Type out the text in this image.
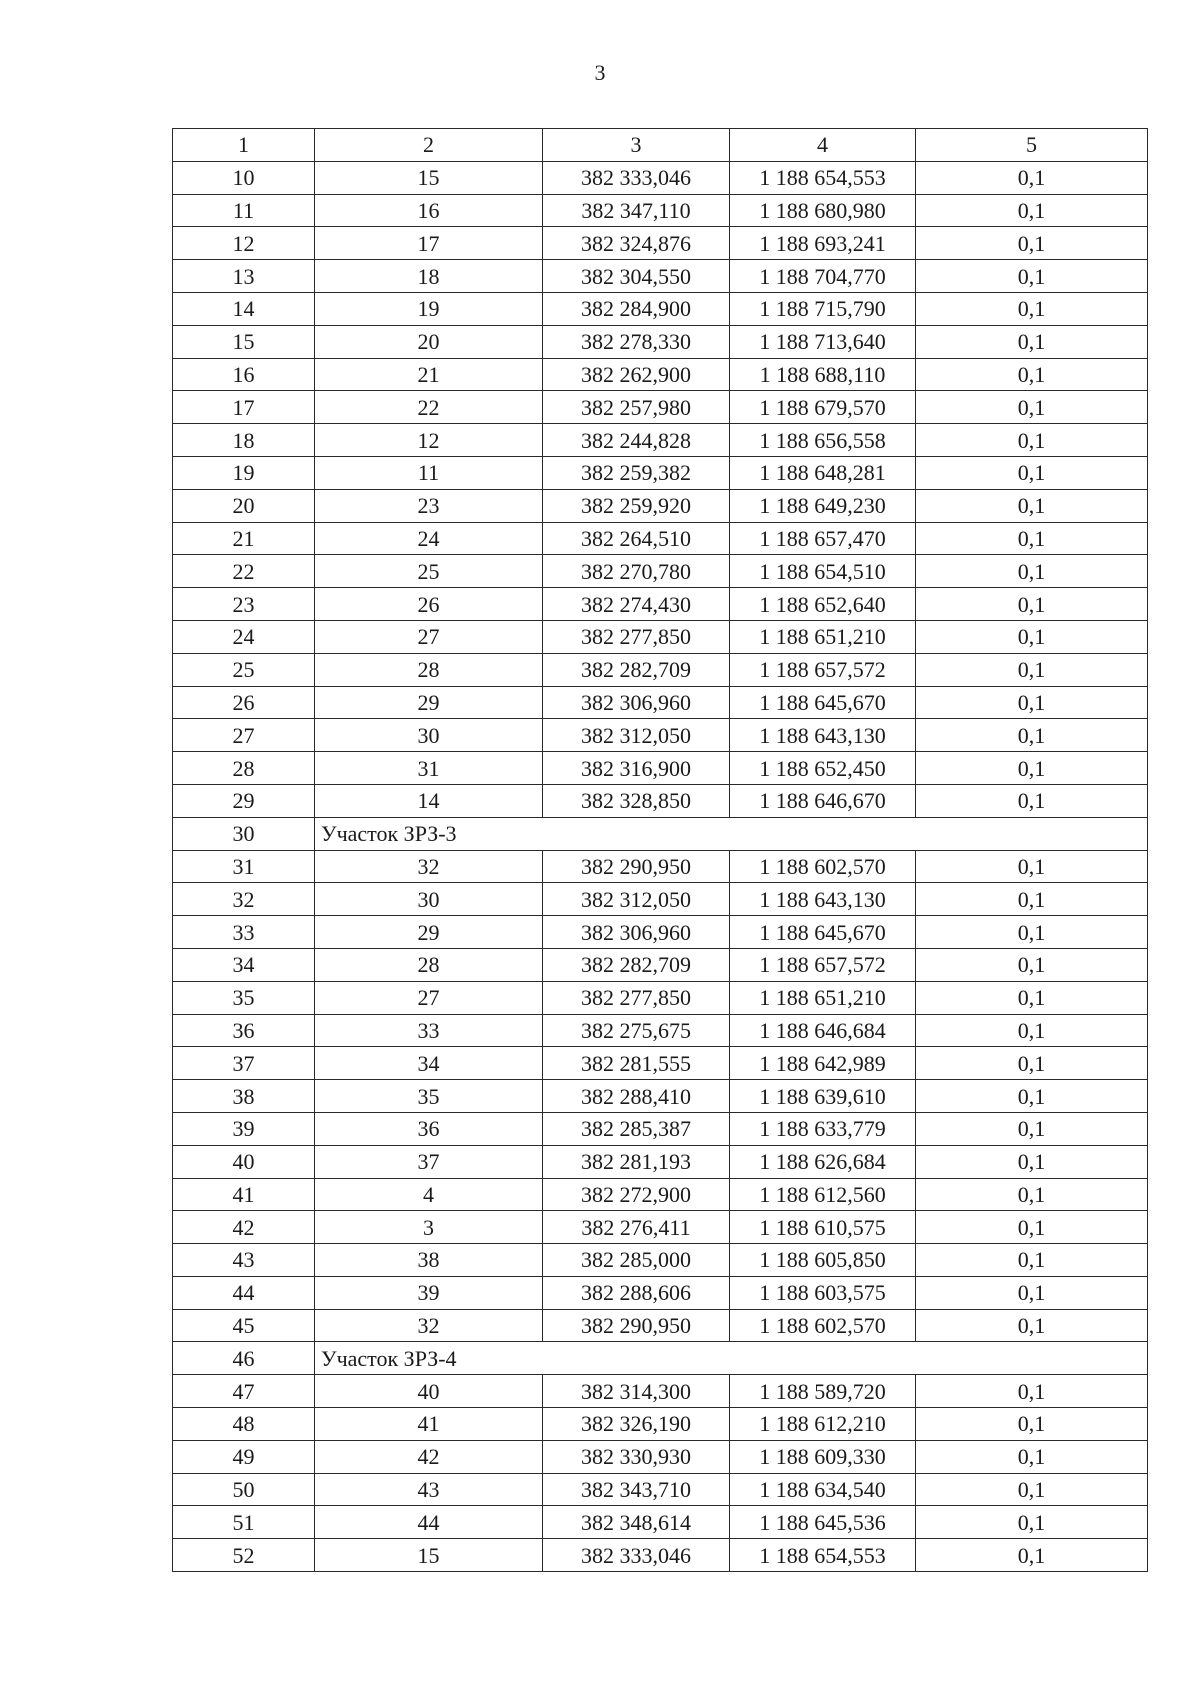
3
1	2	3	4	5
10	15	382 333,046	1 188 654,553	0,1
11	16	382 347,110	1 188 680,980	0,1
12	17	382 324,876	1 188 693,241	0,1
13	18	382 304,550	1 188 704,770	0,1
14	19	382 284,900	1 188 715,790	0,1
15	20	382 278,330	1 188 713,640	0,1
16	21	382 262,900	1 188 688,110	0,1
17	22	382 257,980	1 188 679,570	0,1
18	12	382 244,828	1 188 656,558	0,1
19	11	382 259,382	1 188 648,281	0,1
20	23	382 259,920	1 188 649,230	0,1
21	24	382 264,510	1 188 657,470	0,1
22	25	382 270,780	1 188 654,510	0,1
23	26	382 274,430	1 188 652,640	0,1
24	27	382 277,850	1 188 651,210	0,1
25	28	382 282,709	1 188 657,572	0,1
26	29	382 306,960	1 188 645,670	0,1
27	30	382 312,050	1 188 643,130	0,1
28	31	382 316,900	1 188 652,450	0,1
29	14	382 328,850	1 188 646,670	0,1
30	Участок ЗРЗ-3			
31	32	382 290,950	1 188 602,570	0,1
32	30	382 312,050	1 188 643,130	0,1
33	29	382 306,960	1 188 645,670	0,1
34	28	382 282,709	1 188 657,572	0,1
35	27	382 277,850	1 188 651,210	0,1
36	33	382 275,675	1 188 646,684	0,1
37	34	382 281,555	1 188 642,989	0,1
38	35	382 288,410	1 188 639,610	0,1
39	36	382 285,387	1 188 633,779	0,1
40	37	382 281,193	1 188 626,684	0,1
41	4	382 272,900	1 188 612,560	0,1
42	3	382 276,411	1 188 610,575	0,1
43	38	382 285,000	1 188 605,850	0,1
44	39	382 288,606	1 188 603,575	0,1
45	32	382 290,950	1 188 602,570	0,1
46	Участок ЗРЗ-4			
47	40	382 314,300	1 188 589,720	0,1
48	41	382 326,190	1 188 612,210	0,1
49	42	382 330,930	1 188 609,330	0,1
50	43	382 343,710	1 188 634,540	0,1
51	44	382 348,614	1 188 645,536	0,1
52	15	382 333,046	1 188 654,553	0,1
